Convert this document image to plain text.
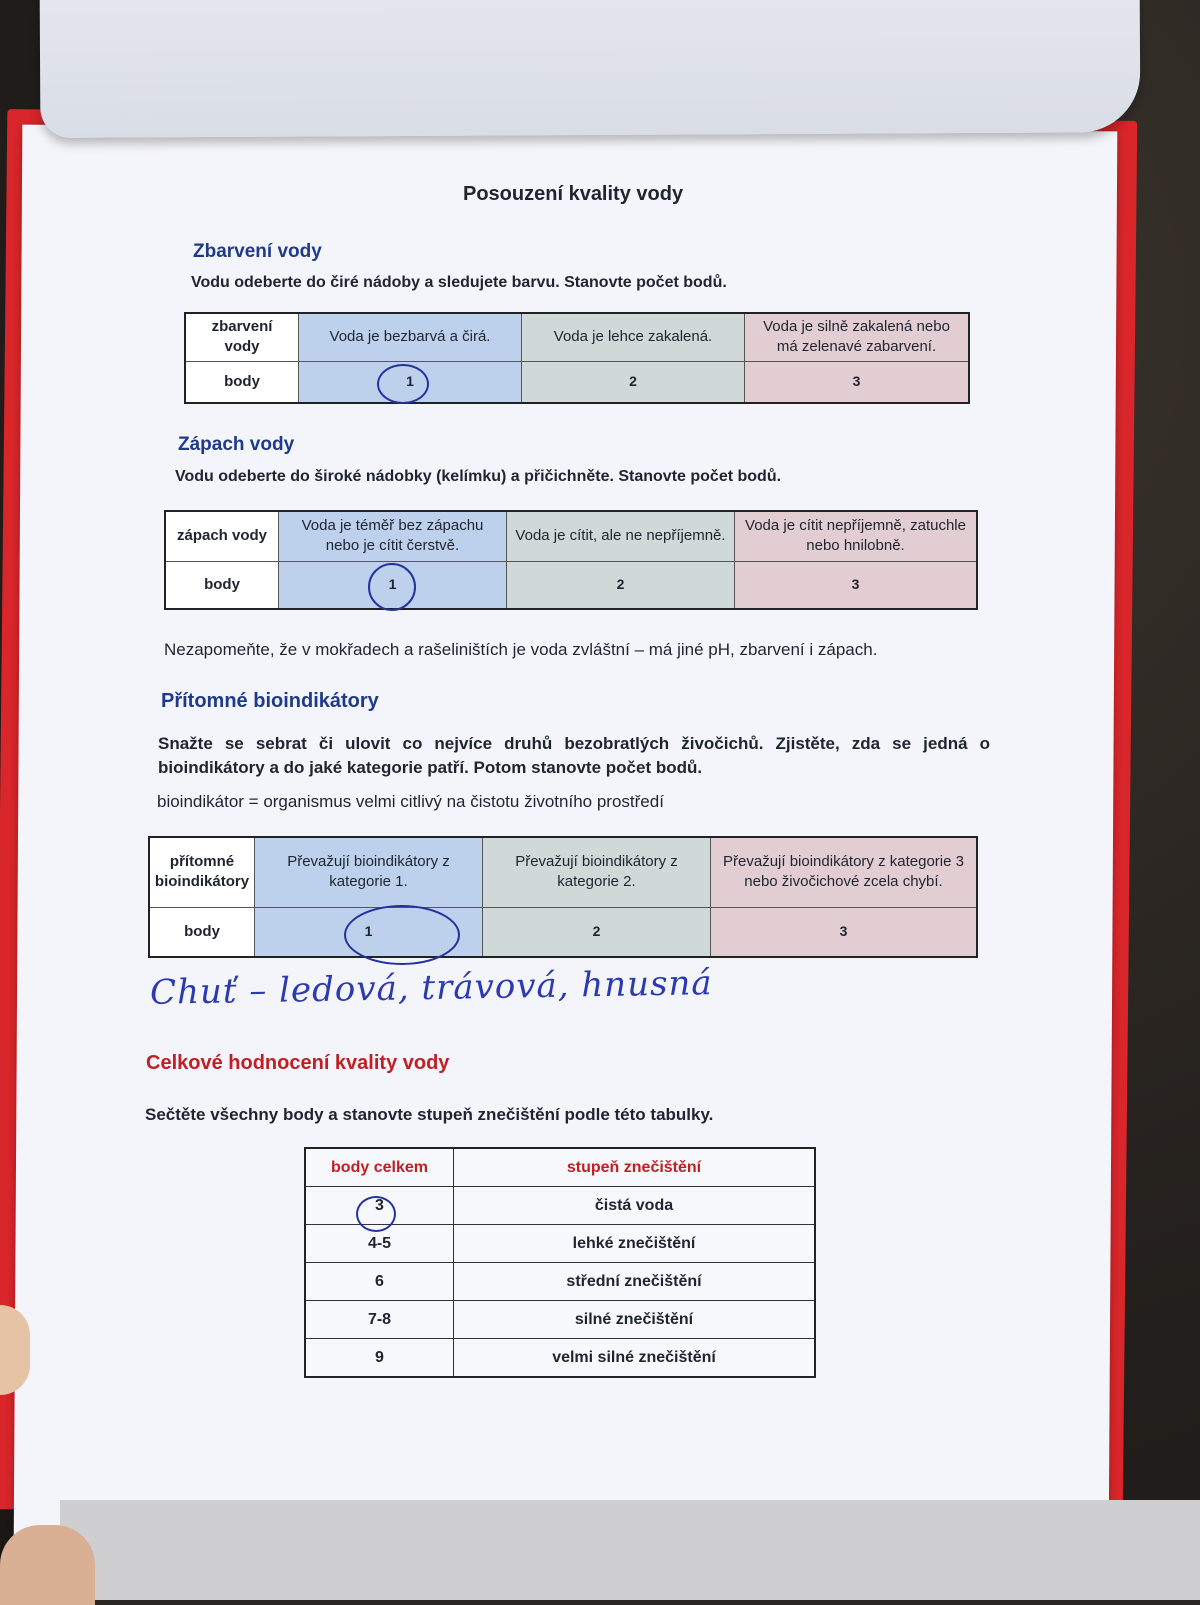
Posouzení kvality vody
Zbarvení vody
Vodu odeberte do čiré nádoby a sledujete barvu. Stanovte počet bodů.
zbarvení vody	Voda je bezbarvá a čirá.	Voda je lehce zakalená.	Voda je silně zakalená nebo má zelenavé zabarvení.
body	1	2	3
Zápach vody
Vodu odeberte do široké nádobky (kelímku) a přičichněte. Stanovte počet bodů.
zápach vody	Voda je téměř bez zápachu nebo je cítit čerstvě.	Voda je cítit, ale ne nepříjemně.	Voda je cítit nepříjemně, zatuchle nebo hnilobně.
body	1	2	3
Nezapomeňte, že v mokřadech a rašeliništích je voda zvláštní – má jiné pH, zbarvení i zápach.
Přítomné bioindikátory
Snažte se sebrat či ulovit co nejvíce druhů bezobratlých živočichů. Zjistěte, zda se jedná o bioindikátory a do jaké kategorie patří. Potom stanovte počet bodů.
bioindikátor = organismus velmi citlivý na čistotu životního prostředí
přítomné bioindikátory	Převažují bioindikátory z kategorie 1.	Převažují bioindikátory z kategorie 2.	Převažují bioindikátory z kategorie 3 nebo živočichové zcela chybí.
body	1	2	3
Chuť – ledová, trávová, hnusná
Celkové hodnocení kvality vody
Sečtěte všechny body a stanovte stupeň znečištění podle této tabulky.
body celkem	stupeň znečištění
3	čistá voda
4-5	lehké znečištění
6	střední znečištění
7-8	silné znečištění
9	velmi silné znečištění
